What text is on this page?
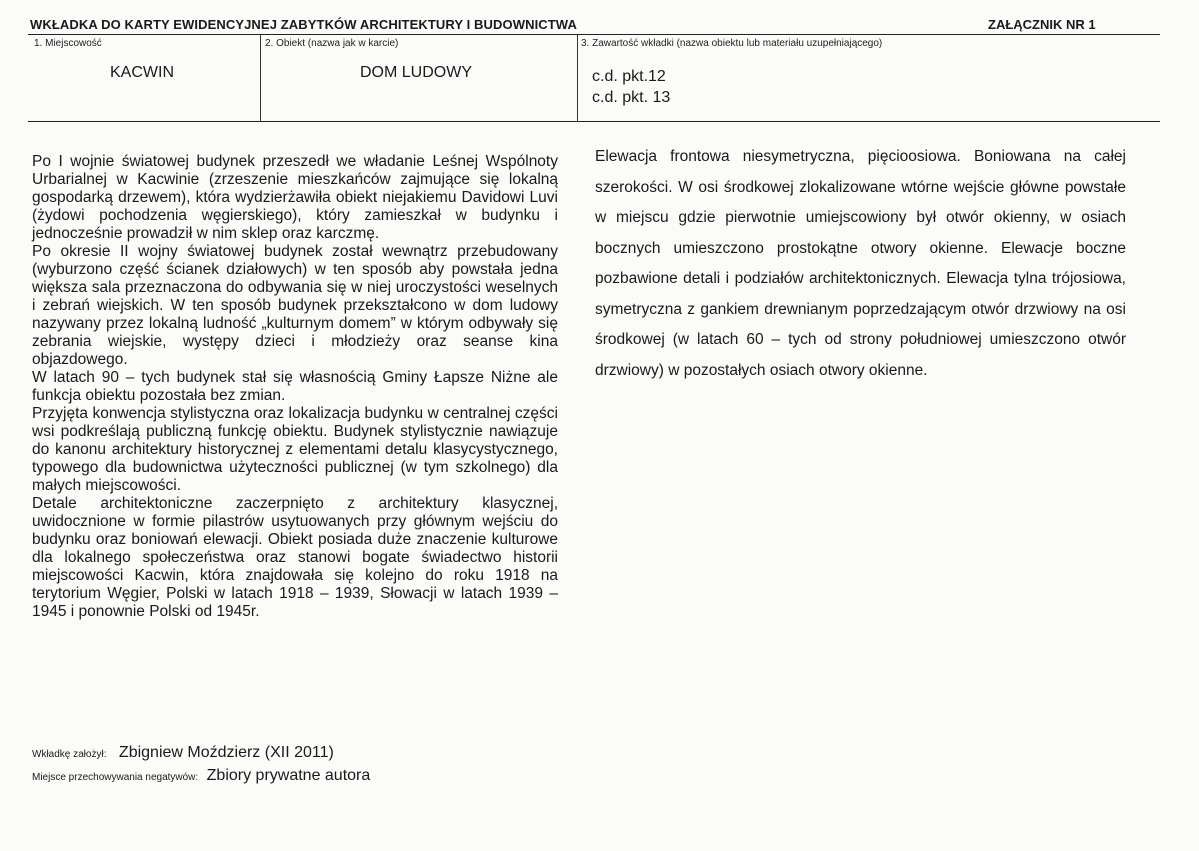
WKŁADKA DO KARTY EWIDENCYJNEJ ZABYTKÓW ARCHITEKTURY I BUDOWNICTWA	ZAŁĄCZNIK NR 1
1. Miejscowość	2. Obiekt (nazwa jak w karcie)	3. Zawartość wkładki (nazwa obiektu lub materiału uzupełniającego)
KACWIN	DOM LUDOWY	c.d. pkt.12
c.d. pkt. 13

Po I wojnie światowej budynek przeszedł we władanie Leśnej Wspólnoty Urbarialnej w Kacwinie (zrzeszenie mieszkańców zajmujące się lokalną gospodarką drzewem), która wydzierżawiła obiekt niejakiemu Davidowi Luvi (żydowi pochodzenia węgierskiego), który zamieszkał w budynku i jednocześnie prowadził w nim sklep oraz karczmę.

Po okresie II wojny światowej budynek został wewnątrz przebudowany (wyburzono część ścianek działowych) w ten sposób aby powstała jedna większa sala przeznaczona do odbywania się w niej uroczystości weselnych i zebrań wiejskich. W ten sposób budynek przekształcono w dom ludowy nazywany przez lokalną ludność „kulturnym domem” w którym odbywały się zebrania wiejskie, występy dzieci i młodzieży oraz seanse kina objazdowego.

W latach 90 – tych budynek stał się własnością Gminy Łapsze Niżne ale funkcja obiektu pozostała bez zmian.

Przyjęta konwencja stylistyczna oraz lokalizacja budynku w centralnej części wsi podkreślają publiczną funkcję obiektu. Budynek stylistycznie nawiązuje do kanonu architektury historycznej z elementami detalu klasycystycznego, typowego dla budownictwa użyteczności publicznej (w tym szkolnego) dla małych miejscowości.

Detale architektoniczne zaczerpnięto z architektury klasycznej, uwidocznione w formie pilastrów usytuowanych przy głównym wejściu do budynku oraz boniowań elewacji. Obiekt posiada duże znaczenie kulturowe dla lokalnego społeczeństwa oraz stanowi bogate świadectwo historii miejscowości Kacwin, która znajdowała się kolejno do roku 1918 na terytorium Węgier, Polski w latach 1918 – 1939, Słowacji w latach 1939 – 1945 i ponownie Polski od 1945r.

Elewacja frontowa niesymetryczna, pięcioosiowa. Boniowana na całej szerokości. W osi środkowej zlokalizowane wtórne wejście główne powstałe w miejscu gdzie pierwotnie umiejscowiony był otwór okienny, w osiach bocznych umieszczono prostokątne otwory okienne. Elewacje boczne pozbawione detali i podziałów architektonicznych. Elewacja tylna trójosiowa, symetryczna z gankiem drewnianym poprzedzającym otwór drzwiowy na osi środkowej (w latach 60 – tych od strony południowej umieszczono otwór drzwiowy) w pozostałych osiach otwory okienne.

Wkładkę założył: Zbigniew Moździerz (XII 2011)
Miejsce przechowywania negatywów: Zbiory prywatne autora
